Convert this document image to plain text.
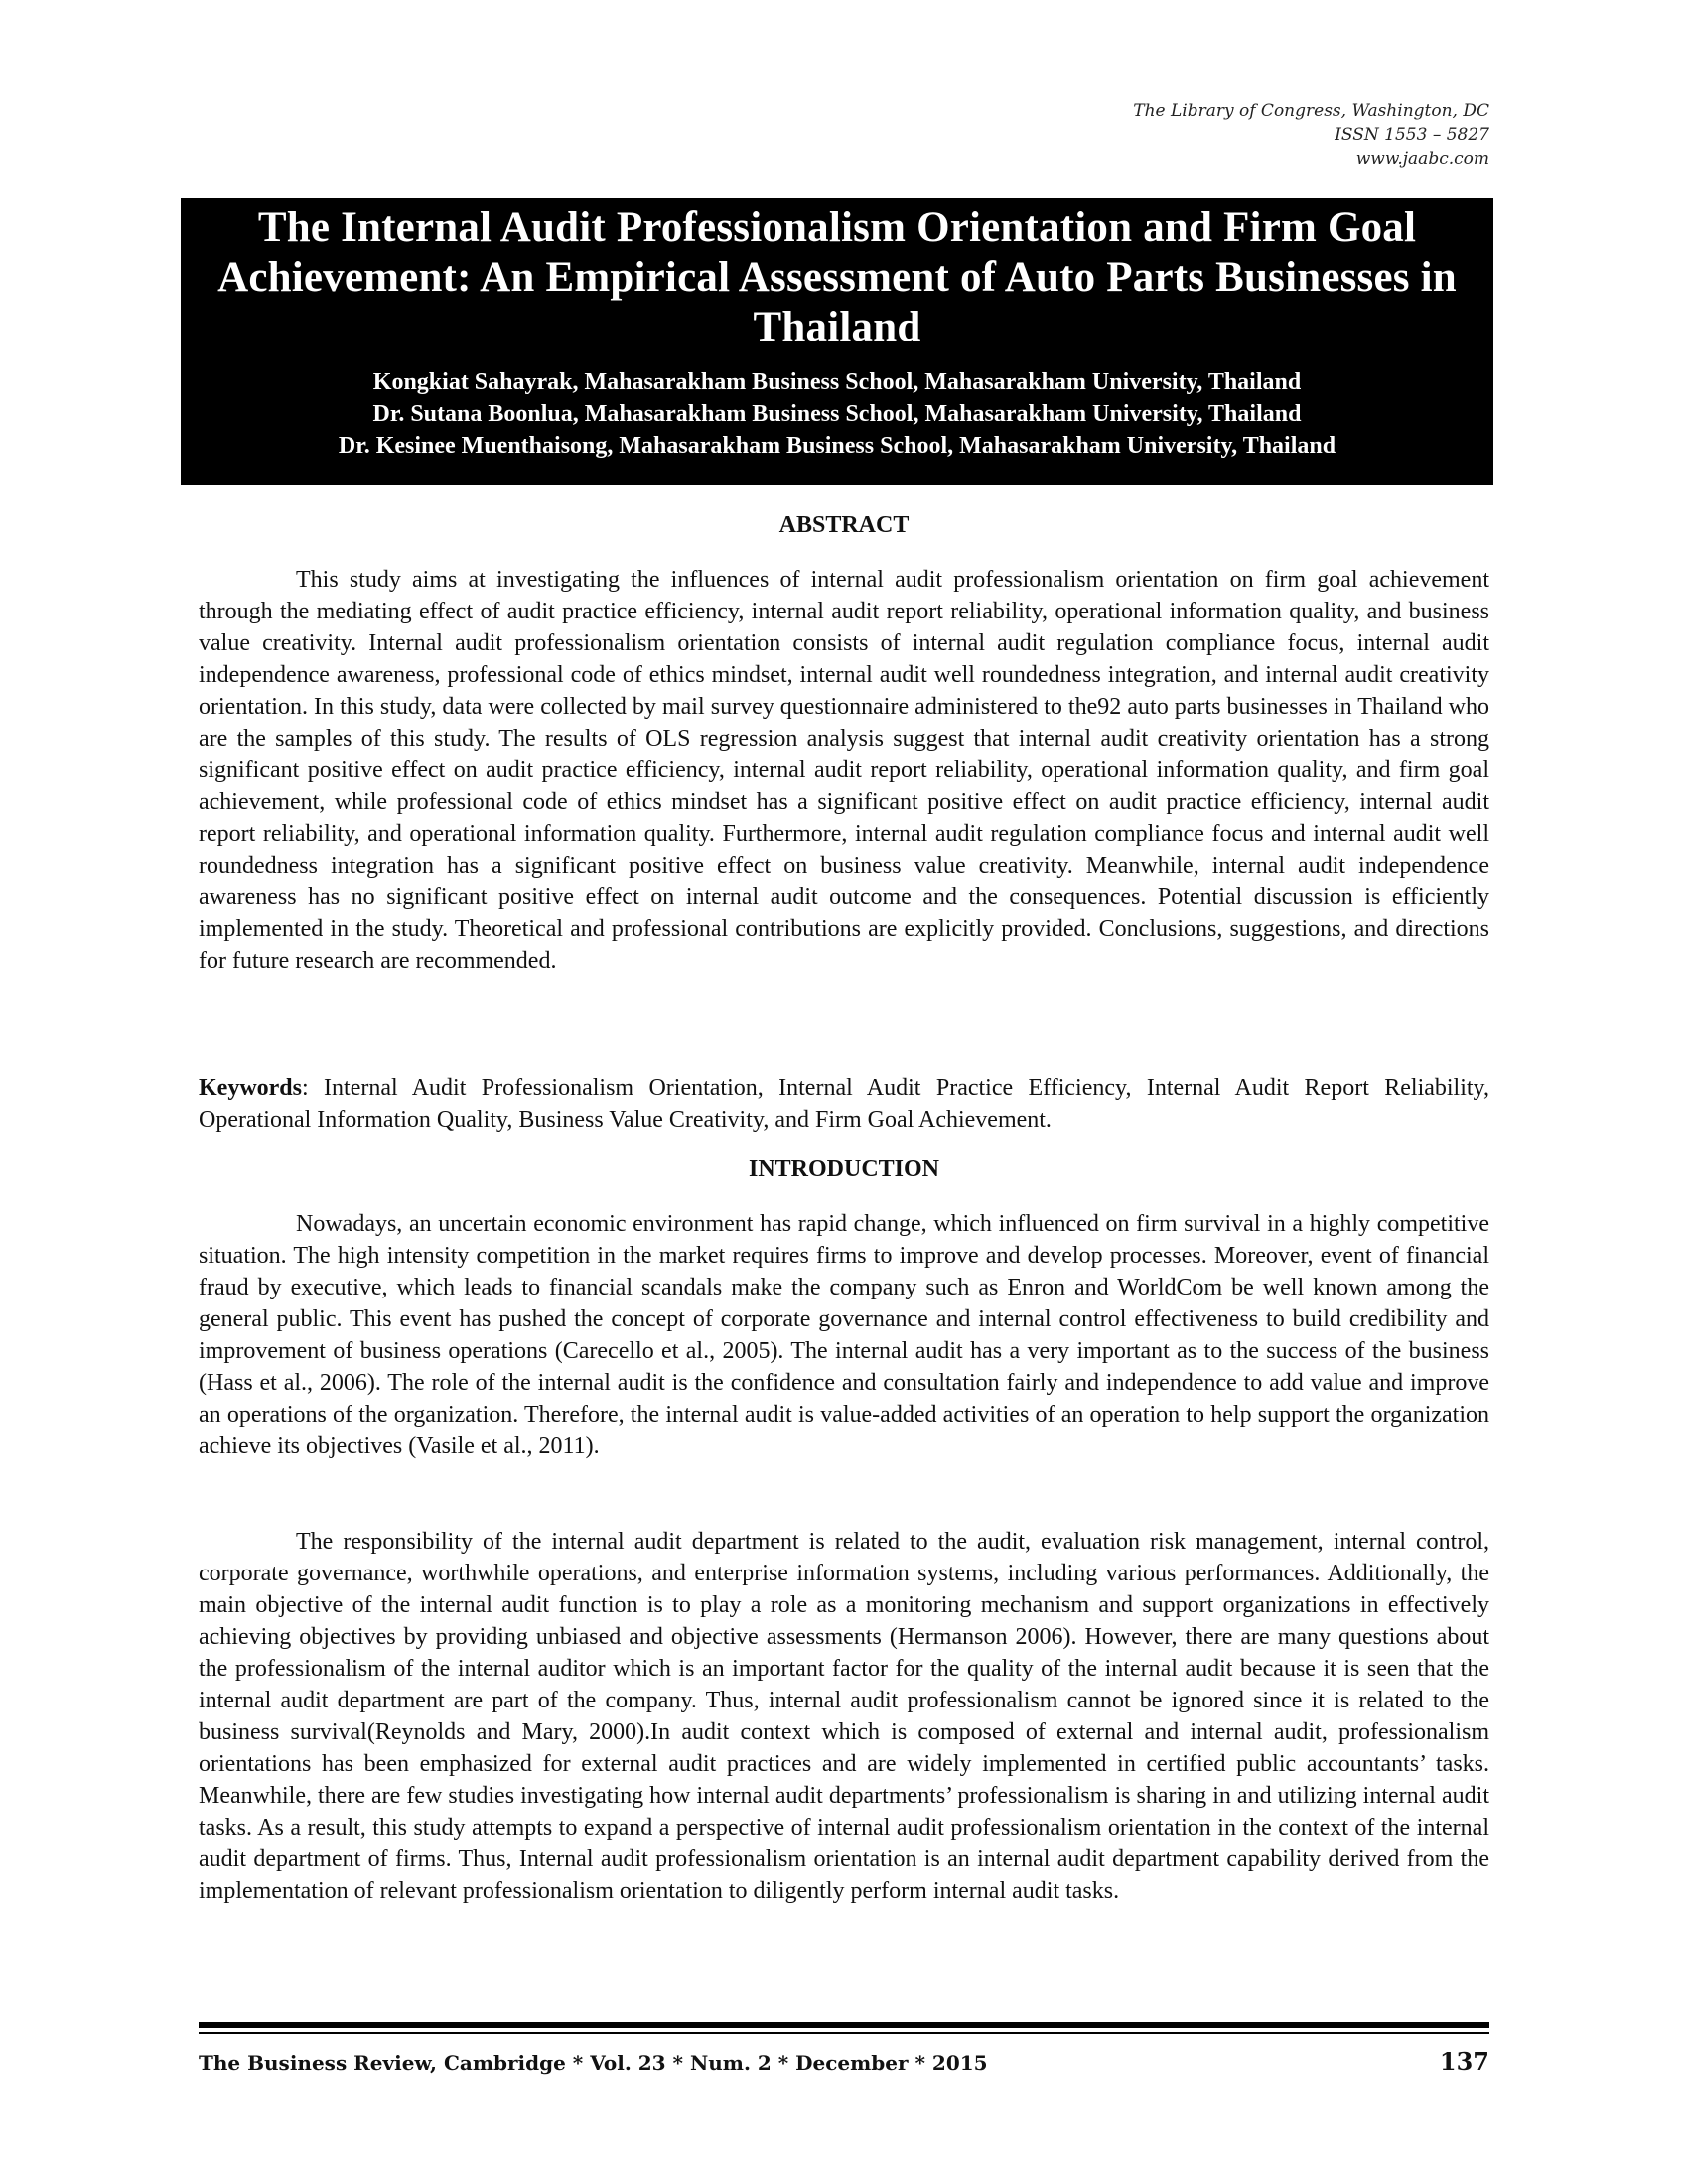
The Library of Congress, Washington, DC
ISSN 1553 – 5827
www.jaabc.com
The Internal Audit Professionalism Orientation and Firm Goal Achievement: An Empirical Assessment of Auto Parts Businesses in Thailand
Kongkiat Sahayrak, Mahasarakham Business School, Mahasarakham University, Thailand
Dr. Sutana Boonlua, Mahasarakham Business School, Mahasarakham University, Thailand
Dr. Kesinee Muenthaisong, Mahasarakham Business School, Mahasarakham University, Thailand
ABSTRACT

This study aims at investigating the influences of internal audit professionalism orientation on firm goal achievement through the mediating effect of audit practice efficiency, internal audit report reliability, operational information quality, and business value creativity. Internal audit professionalism orientation consists of internal audit regulation compliance focus, internal audit independence awareness, professional code of ethics mindset, internal audit well roundedness integration, and internal audit creativity orientation. In this study, data were collected by mail survey questionnaire administered to the92 auto parts businesses in Thailand who are the samples of this study. The results of OLS regression analysis suggest that internal audit creativity orientation has a strong significant positive effect on audit practice efficiency, internal audit report reliability, operational information quality, and firm goal achievement, while professional code of ethics mindset has a significant positive effect on audit practice efficiency, internal audit report reliability, and operational information quality. Furthermore, internal audit regulation compliance focus and internal audit well roundedness integration has a significant positive effect on business value creativity. Meanwhile, internal audit independence awareness has no significant positive effect on internal audit outcome and the consequences. Potential discussion is efficiently implemented in the study. Theoretical and professional contributions are explicitly provided. Conclusions, suggestions, and directions for future research are recommended.

Keywords: Internal Audit Professionalism Orientation, Internal Audit Practice Efficiency, Internal Audit Report Reliability, Operational Information Quality, Business Value Creativity, and Firm Goal Achievement.

INTRODUCTION

Nowadays, an uncertain economic environment has rapid change, which influenced on firm survival in a highly competitive situation. The high intensity competition in the market requires firms to improve and develop processes. Moreover, event of financial fraud by executive, which leads to financial scandals make the company such as Enron and WorldCom be well known among the general public. This event has pushed the concept of corporate governance and internal control effectiveness to build credibility and improvement of business operations (Carecello et al., 2005). The internal audit has a very important as to the success of the business (Hass et al., 2006). The role of the internal audit is the confidence and consultation fairly and independence to add value and improve an operations of the organization. Therefore, the internal audit is value-added activities of an operation to help support the organization achieve its objectives (Vasile et al., 2011).

The responsibility of the internal audit department is related to the audit, evaluation risk management, internal control, corporate governance, worthwhile operations, and enterprise information systems, including various performances. Additionally, the main objective of the internal audit function is to play a role as a monitoring mechanism and support organizations in effectively achieving objectives by providing unbiased and objective assessments (Hermanson 2006). However, there are many questions about the professionalism of the internal auditor which is an important factor for the quality of the internal audit because it is seen that the internal audit department are part of the company. Thus, internal audit professionalism cannot be ignored since it is related to the business survival(Reynolds and Mary, 2000).In audit context which is composed of external and internal audit, professionalism orientations has been emphasized for external audit practices and are widely implemented in certified public accountants’ tasks. Meanwhile, there are few studies investigating how internal audit departments’ professionalism is sharing in and utilizing internal audit tasks. As a result, this study attempts to expand a perspective of internal audit professionalism orientation in the context of the internal audit department of firms. Thus, Internal audit professionalism orientation is an internal audit department capability derived from the implementation of relevant professionalism orientation to diligently perform internal audit tasks.

The Business Review, Cambridge * Vol. 23 * Num. 2 * December * 2015	137
